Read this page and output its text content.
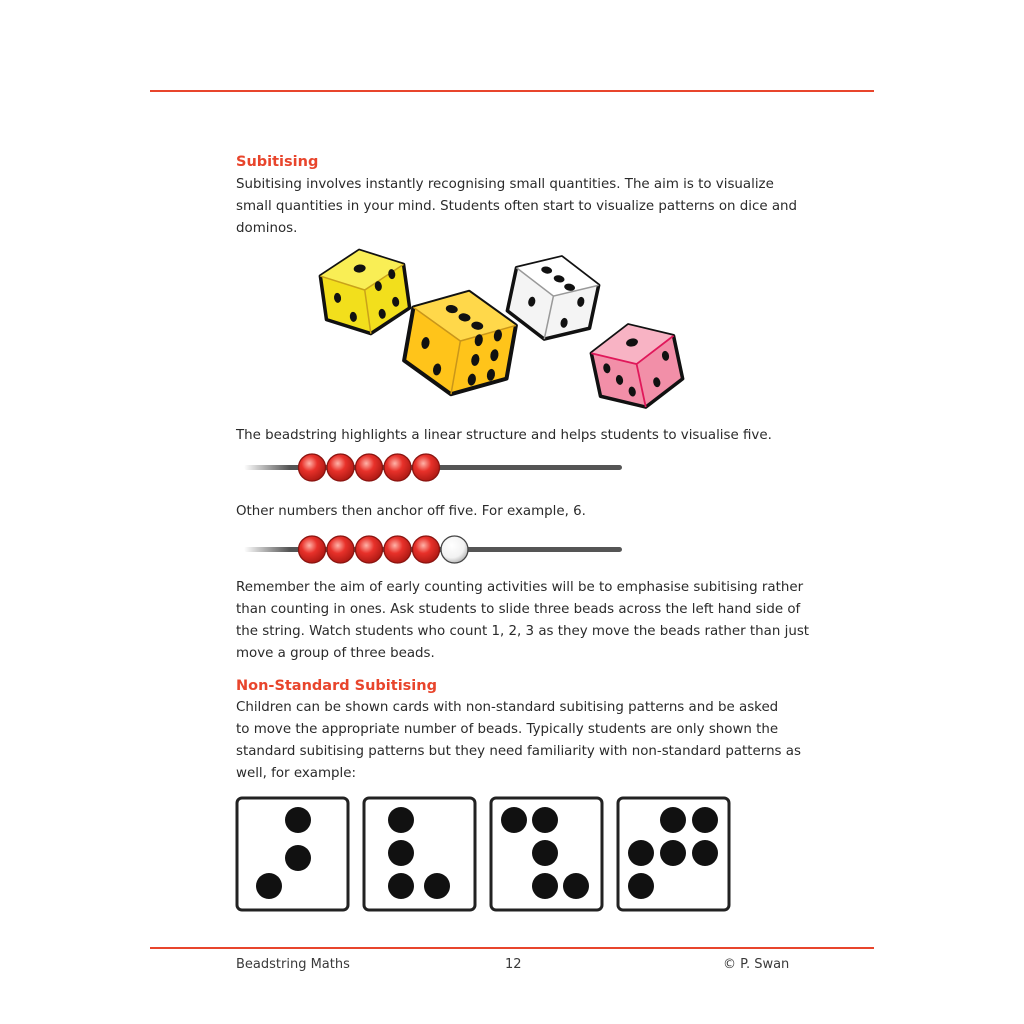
Subitising

Subitising involves instantly recognising small quantities. The aim is to visualize
small quantities in your mind. Students often start to visualize patterns on dice and
dominos.

The beadstring highlights a linear structure and helps students to visualise five.

Other numbers then anchor off five. For example, 6.

Remember the aim of early counting activities will be to emphasise subitising rather
than counting in ones. Ask students to slide three beads across the left hand side of
the string. Watch students who count 1, 2, 3 as they move the beads rather than just
move a group of three beads.

Non-Standard Subitising

Children can be shown cards with non-standard subitising patterns and be asked
to move the appropriate number of beads. Typically students are only shown the
standard subitising patterns but they need familiarity with non-standard patterns as
well, for example:

Beadstring Maths	12	© P. Swan
